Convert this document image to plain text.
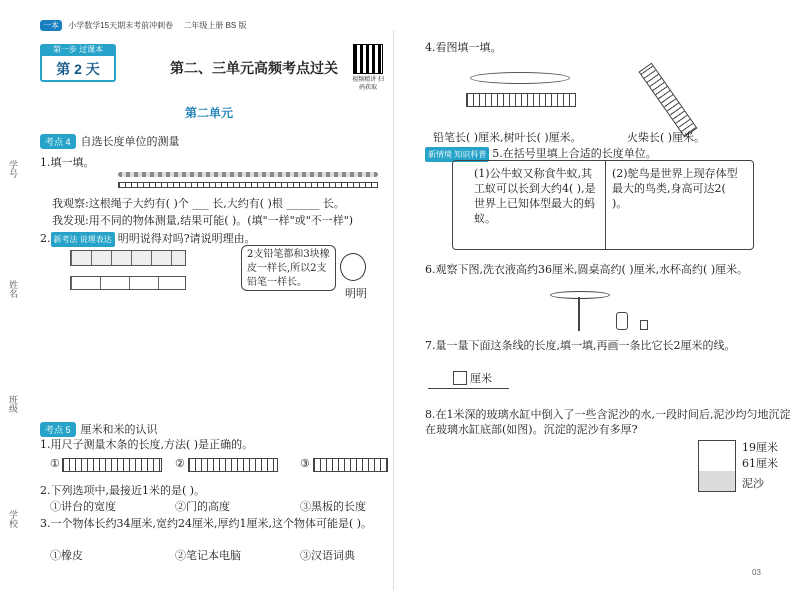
一本 小学数学15天期末考前冲刺卷 二年级上册 BS 版
第一步 过课本
第 2 天	第二、三单元高频考点过关
视频精讲 扫码获取
第二单元
学号
姓名
班级
学校
考点 4 自选长度单位的测量
1.填一填。
我观察:这根绳子大约有( )个 ___ 长,大约有( )根 ______ 长。
我发现:用不同的物体测量,结果可能( )。(填"一样"或"不一样")
2. 新考法 说理表达 明明说得对吗?请说明理由。
2支铅笔都和3块橡皮一样长,所以2支铅笔一样长。
明明
考点 5 厘米和米的认识
1.用尺子测量木条的长度,方法( )是正确的。
①	②	③
2.下列选项中,最接近1米的是( )。
①讲台的宽度	②门的高度	③黑板的长度
3.一个物体长约34厘米,宽约24厘米,厚约1厘米,这个物体可能是( )。
①橡皮	②笔记本电脑	③汉语词典
4.看图填一填。
铅笔长( )厘米,树叶长( )厘米。	火柴长( )厘米。
新情境 知识科普 5.在括号里填上合适的长度单位。
(1)公牛蚁又称食牛蚁,其工蚁可以长到大约4( ),是世界上已知体型最大的蚂蚁。
(2)鸵鸟是世界上现存体型最大的鸟类,身高可达2( )。
6.观察下图,洗衣液高约36厘米,圆桌高约( )厘米,水杯高约( )厘米。
7.量一量下面这条线的长度,填一填,再画一条比它长2厘米的线。
厘米
8.在1米深的玻璃水缸中倒入了一些含泥沙的水,一段时间后,泥沙均匀地沉淀在玻璃水缸底部(如图)。沉淀的泥沙有多厚?
19厘米
61厘米
泥沙
03
